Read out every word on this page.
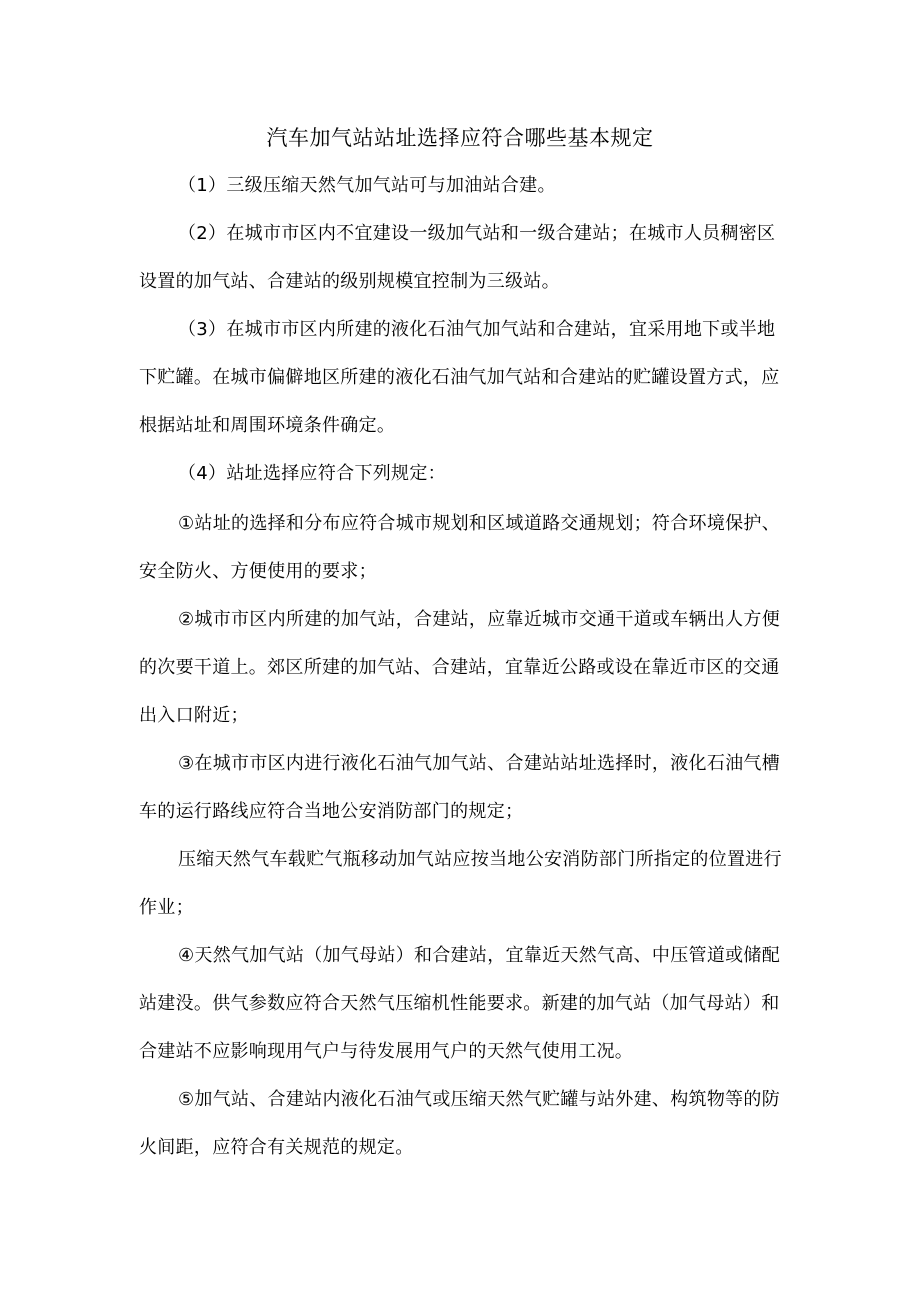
汽车加气站站址选择应符合哪些基本规定
（1）三级压缩天然气加气站可与加油站合建。
（2）在城市市区内不宜建设一级加气站和一级合建站；在城市人员稠密区
设置的加气站、合建站的级别规模宜控制为三级站。
（3）在城市市区内所建的液化石油气加气站和合建站，宜采用地下或半地
下贮罐。在城市偏僻地区所建的液化石油气加气站和合建站的贮罐设置方式，应
根据站址和周围环境条件确定。
（4）站址选择应符合下列规定：
①站址的选择和分布应符合城市规划和区域道路交通规划；符合环境保护、
安全防火、方便使用的要求；
②城市市区内所建的加气站，合建站，应靠近城市交通干道或车辆出人方便
的次要干道上。郊区所建的加气站、合建站，宜靠近公路或设在靠近市区的交通
出入口附近；
③在城市市区内进行液化石油气加气站、合建站站址选择时，液化石油气槽
车的运行路线应符合当地公安消防部门的规定；
压缩天然气车载贮气瓶移动加气站应按当地公安消防部门所指定的位置进行
作业；
④天然气加气站（加气母站）和合建站，宜靠近天然气高、中压管道或储配
站建没。供气参数应符合天然气压缩机性能要求。新建的加气站（加气母站）和
合建站不应影响现用气户与待发展用气户的天然气使用工况。
⑤加气站、合建站内液化石油气或压缩天然气贮罐与站外建、构筑物等的防
火间距，应符合有关规范的规定。
